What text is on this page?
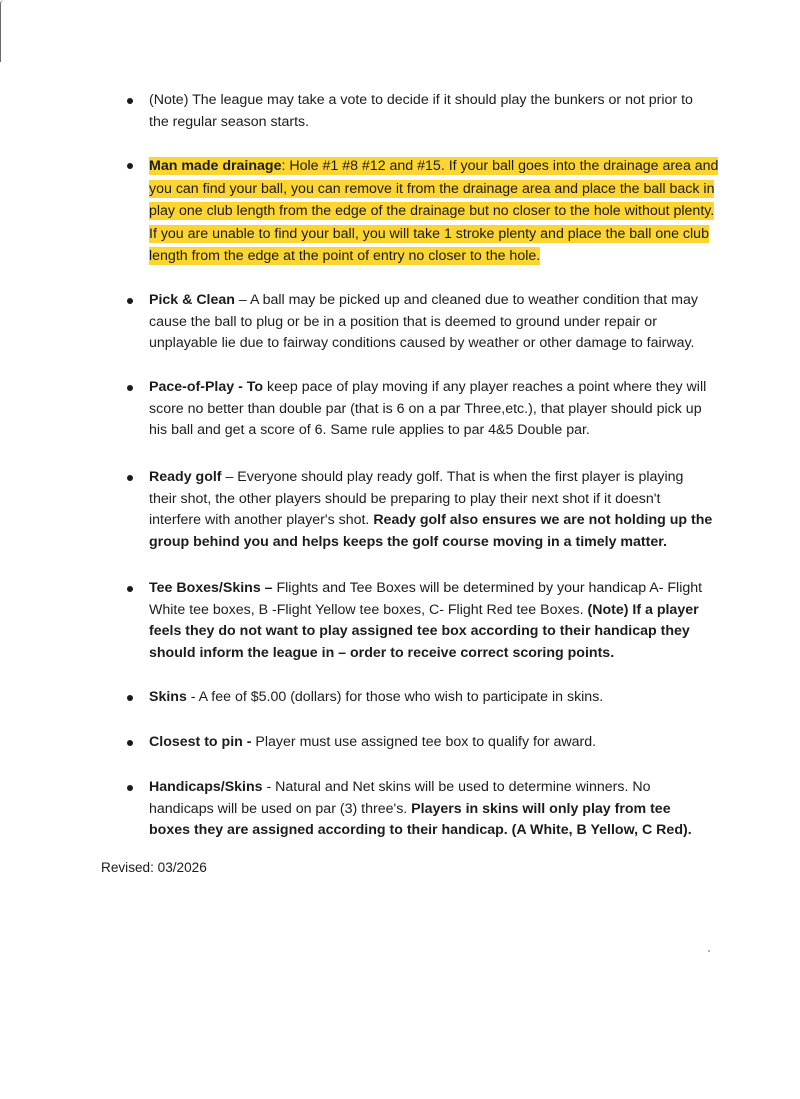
(Note) The league may take a vote to decide if it should play the bunkers or not prior to the regular season starts.
Man made drainage: Hole #1 #8 #12 and #15. If your ball goes into the drainage area and you can find your ball, you can remove it from the drainage area and place the ball back in play one club length from the edge of the drainage but no closer to the hole without plenty. If you are unable to find your ball, you will take 1 stroke plenty and place the ball one club length from the edge at the point of entry no closer to the hole.
Pick & Clean – A ball may be picked up and cleaned due to weather condition that may cause the ball to plug or be in a position that is deemed to ground under repair or unplayable lie due to fairway conditions caused by weather or other damage to fairway.
Pace-of-Play - To keep pace of play moving if any player reaches a point where they will score no better than double par (that is 6 on a par Three,etc.), that player should pick up his ball and get a score of 6. Same rule applies to par 4&5 Double par.
Ready golf – Everyone should play ready golf. That is when the first player is playing their shot, the other players should be preparing to play their next shot if it doesn't interfere with another player's shot. Ready golf also ensures we are not holding up the group behind you and helps keeps the golf course moving in a timely matter.
Tee Boxes/Skins – Flights and Tee Boxes will be determined by your handicap A- Flight White tee boxes, B -Flight Yellow tee boxes, C- Flight Red tee Boxes. (Note) If a player feels they do not want to play assigned tee box according to their handicap they should inform the league in – order to receive correct scoring points.
Skins - A fee of $5.00 (dollars) for those who wish to participate in skins.
Closest to pin - Player must use assigned tee box to qualify for award.
Handicaps/Skins - Natural and Net skins will be used to determine winners. No handicaps will be used on par (3) three's. Players in skins will only play from tee boxes they are assigned according to their handicap. (A White, B Yellow, C Red).
Revised: 03/2026
